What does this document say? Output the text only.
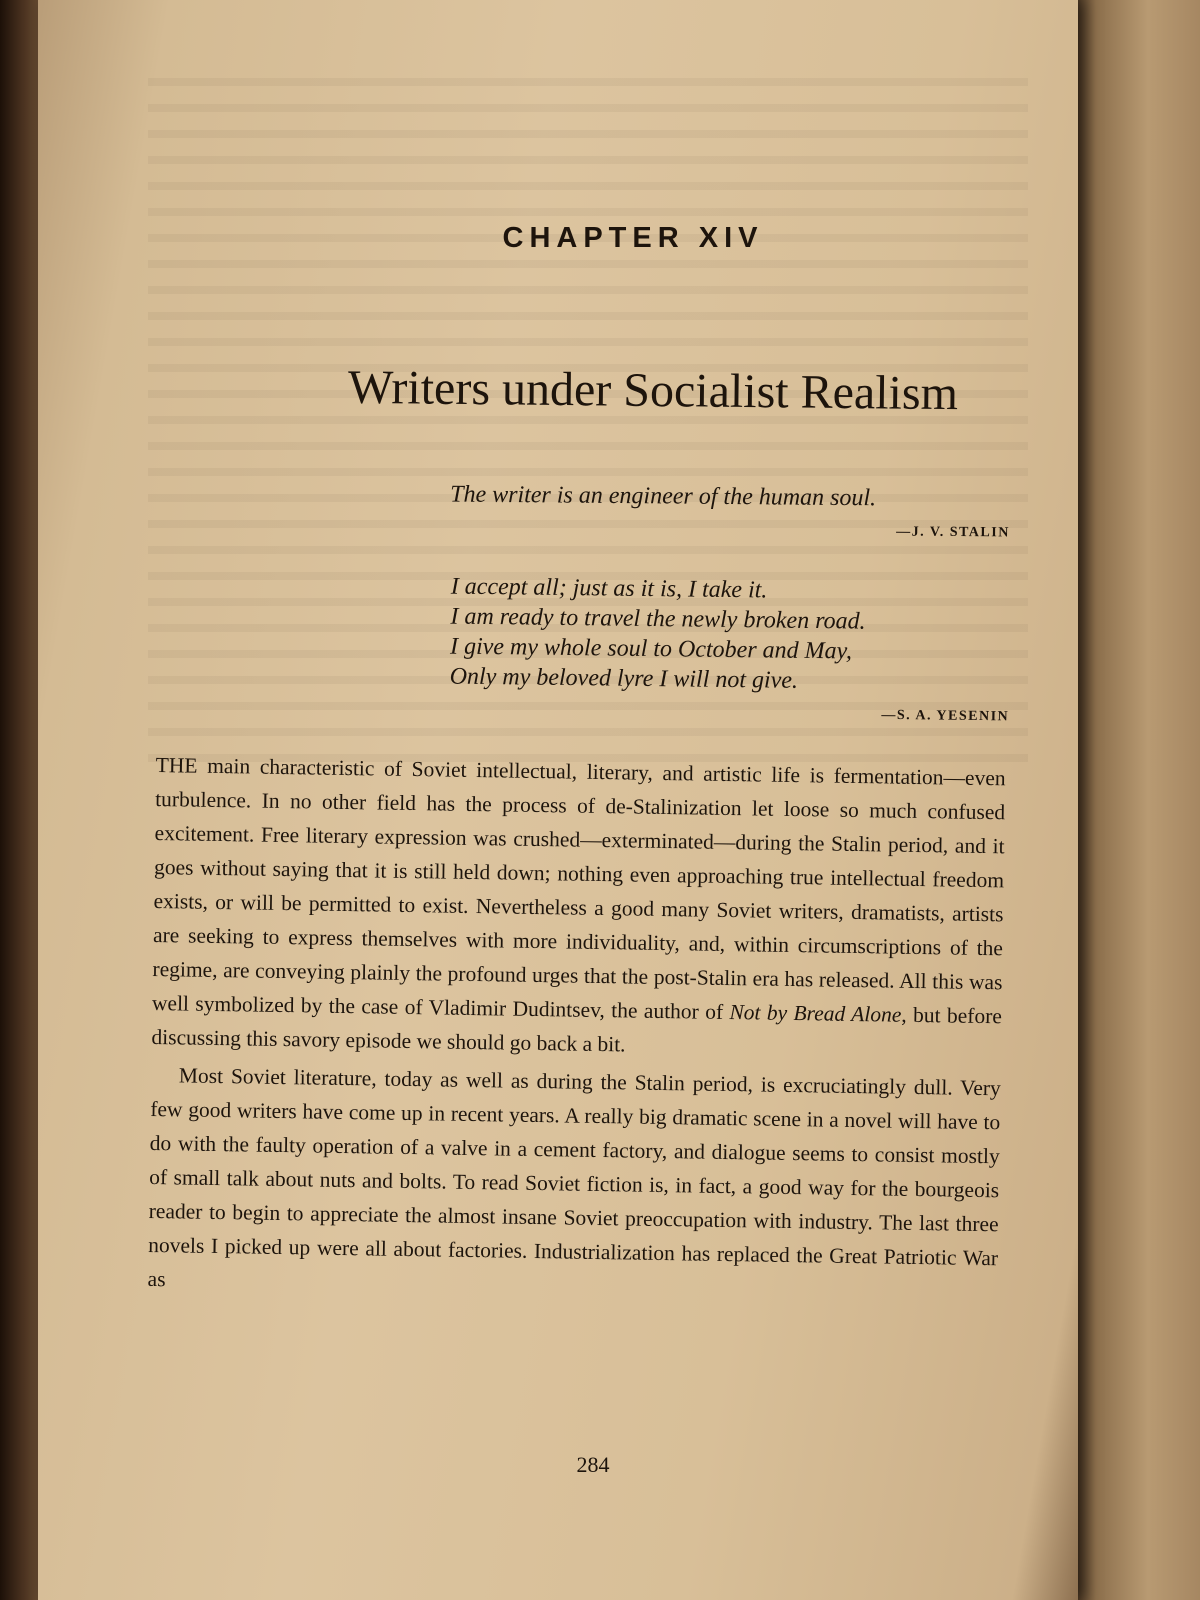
CHAPTER XIV
Writers under Socialist Realism
The writer is an engineer of the human soul.
—J. V. STALIN
I accept all; just as it is, I take it.
I am ready to travel the newly broken road.
I give my whole soul to October and May,
Only my beloved lyre I will not give.
—S. A. YESENIN

THE main characteristic of Soviet intellectual, literary, and artistic life is fermentation—even turbulence. In no other field has the process of de-Stalinization let loose so much confused excitement. Free literary expression was crushed—exterminated—during the Stalin period, and it goes without saying that it is still held down; nothing even approaching true intellectual freedom exists, or will be permitted to exist. Nevertheless a good many Soviet writers, dramatists, artists are seeking to express themselves with more individuality, and, within circumscriptions of the regime, are conveying plainly the profound urges that the post-Stalin era has released. All this was well symbolized by the case of Vladimir Dudintsev, the author of Not by Bread Alone, but before discussing this savory episode we should go back a bit.

Most Soviet literature, today as well as during the Stalin period, is excruciatingly dull. Very few good writers have come up in recent years. A really big dramatic scene in a novel will have to do with the faulty operation of a valve in a cement factory, and dialogue seems to consist mostly of small talk about nuts and bolts. To read Soviet fiction is, in fact, a good way for the bourgeois reader to begin to appreciate the almost insane Soviet preoccupation with industry. The last three novels I picked up were all about factories. Industrialization has replaced the Great Patriotic War as

284
